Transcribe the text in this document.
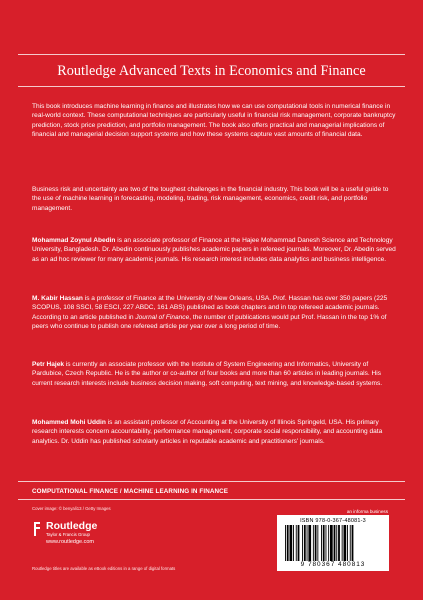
Routledge Advanced Texts in Economics and Finance

This book introduces machine learning in finance and illustrates how we can use computational tools in numerical finance in real-world context. These computational techniques are particularly useful in financial risk management, corporate bankruptcy prediction, stock price prediction, and portfolio management. The book also offers practical and managerial implications of financial and managerial decision support systems and how these systems capture vast amounts of financial data.

Business risk and uncertainty are two of the toughest challenges in the financial industry. This book will be a useful guide to the use of machine learning in forecasting, modeling, trading, risk management, economics, credit risk, and portfolio management.

Mohammad Zoynul Abedin is an associate professor of Finance at the Hajee Mohammad Danesh Science and Technology University, Bangladesh. Dr. Abedin continuously publishes academic papers in refereed journals. Moreover, Dr. Abedin served as an ad hoc reviewer for many academic journals. His research interest includes data analytics and business intelligence.

M. Kabir Hassan is a professor of Finance at the University of New Orleans, USA. Prof. Hassan has over 350 papers (225 SCOPUS, 108 SSCI, 58 ESCI, 227 ABDC, 161 ABS) published as book chapters and in top refereed academic journals. According to an article published in Journal of Finance, the number of publications would put Prof. Hassan in the top 1% of peers who continue to publish one refereed article per year over a long period of time.

Petr Hajek is currently an associate professor with the Institute of System Engineering and Informatics, University of Pardubice, Czech Republic. He is the author or co-author of four books and more than 60 articles in leading journals. His current research interests include business decision making, soft computing, text mining, and knowledge-based systems.

Mohammed Mohi Uddin is an assistant professor of Accounting at the University of Illinois Springeld, USA. His primary research interests concern accountability, performance management, corporate social responsibility, and accounting data analytics. Dr. Uddin has published scholarly articles in reputable academic and practitioners' journals.

COMPUTATIONAL FINANCE / MACHINE LEARNING IN FINANCE
Cover image: © benyali13 / Getty Images
Routledge
Taylor & Francis Group
www.routledge.com
Routledge titles are available as eBook editions in a range of digital formats
an informa business
ISBN 978-0-367-48081-3
9 780367 480813
